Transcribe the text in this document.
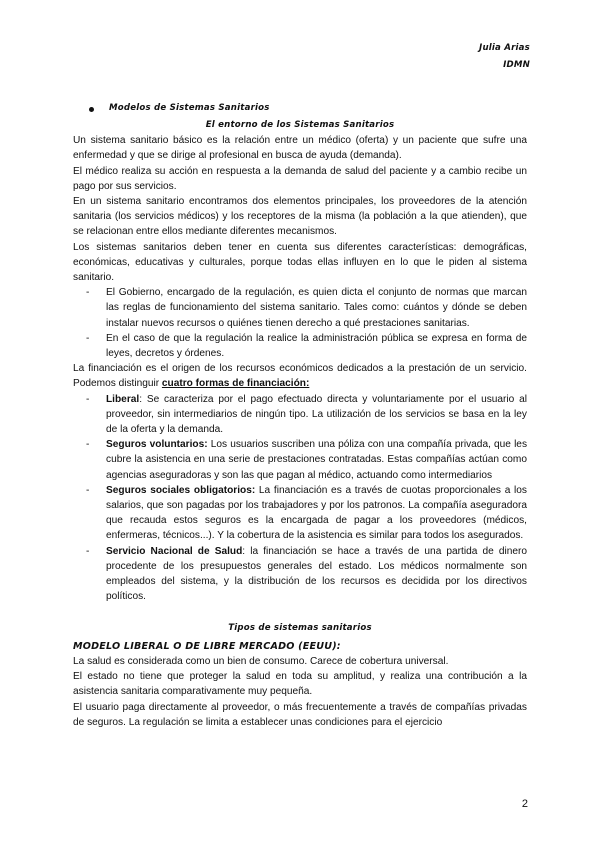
Julia Arias
IDMN
Modelos de Sistemas Sanitarios
El entorno de los Sistemas Sanitarios

Un sistema sanitario básico es la relación entre un médico (oferta) y un paciente que sufre una enfermedad y que se dirige al profesional en busca de ayuda (demanda).

El médico realiza su acción en respuesta a la demanda de salud del paciente y a cambio recibe un pago por sus servicios.

En un sistema sanitario encontramos dos elementos principales, los proveedores de la atención sanitaria (los servicios médicos) y los receptores de la misma (la población a la que atienden), que se relacionan entre ellos mediante diferentes mecanismos.

Los sistemas sanitarios deben tener en cuenta sus diferentes características: demográficas, económicas, educativas y culturales, porque todas ellas influyen en lo que le piden al sistema sanitario.

-	El Gobierno, encargado de la regulación, es quien dicta el conjunto de normas que marcan las reglas de funcionamiento del sistema sanitario. Tales como: cuántos y dónde se deben instalar nuevos recursos o quiénes tienen derecho a qué prestaciones sanitarias.
-	En el caso de que la regulación la realice la administración pública se expresa en forma de leyes, decretos y órdenes.

La financiación es el origen de los recursos económicos dedicados a la prestación de un servicio. Podemos distinguir cuatro formas de financiación:

-	Liberal: Se caracteriza por el pago efectuado directa y voluntariamente por el usuario al proveedor, sin intermediarios de ningún tipo. La utilización de los servicios se basa en la ley de la oferta y la demanda.
-	Seguros voluntarios: Los usuarios suscriben una póliza con una compañía privada, que les cubre la asistencia en una serie de prestaciones contratadas. Estas compañías actúan como agencias aseguradoras y son las que pagan al médico, actuando como intermediarios
-	Seguros sociales obligatorios: La financiación es a través de cuotas proporcionales a los salarios, que son pagadas por los trabajadores y por los patronos. La compañía aseguradora que recauda estos seguros es la encargada de pagar a los proveedores (médicos, enfermeras, técnicos...). Y la cobertura de la asistencia es similar para todos los asegurados.
-	Servicio Nacional de Salud: la financiación se hace a través de una partida de dinero procedente de los presupuestos generales del estado. Los médicos normalmente son empleados del sistema, y la distribución de los recursos es decidida por los directivos políticos.
Tipos de sistemas sanitarios
MODELO LIBERAL O DE LIBRE MERCADO (EEUU):

La salud es considerada como un bien de consumo. Carece de cobertura universal.

El estado no tiene que proteger la salud en toda su amplitud, y realiza una contribución a la asistencia sanitaria comparativamente muy pequeña.

El usuario paga directamente al proveedor, o más frecuentemente a través de compañías privadas de seguros. La regulación se limita a establecer unas condiciones para el ejercicio

2
